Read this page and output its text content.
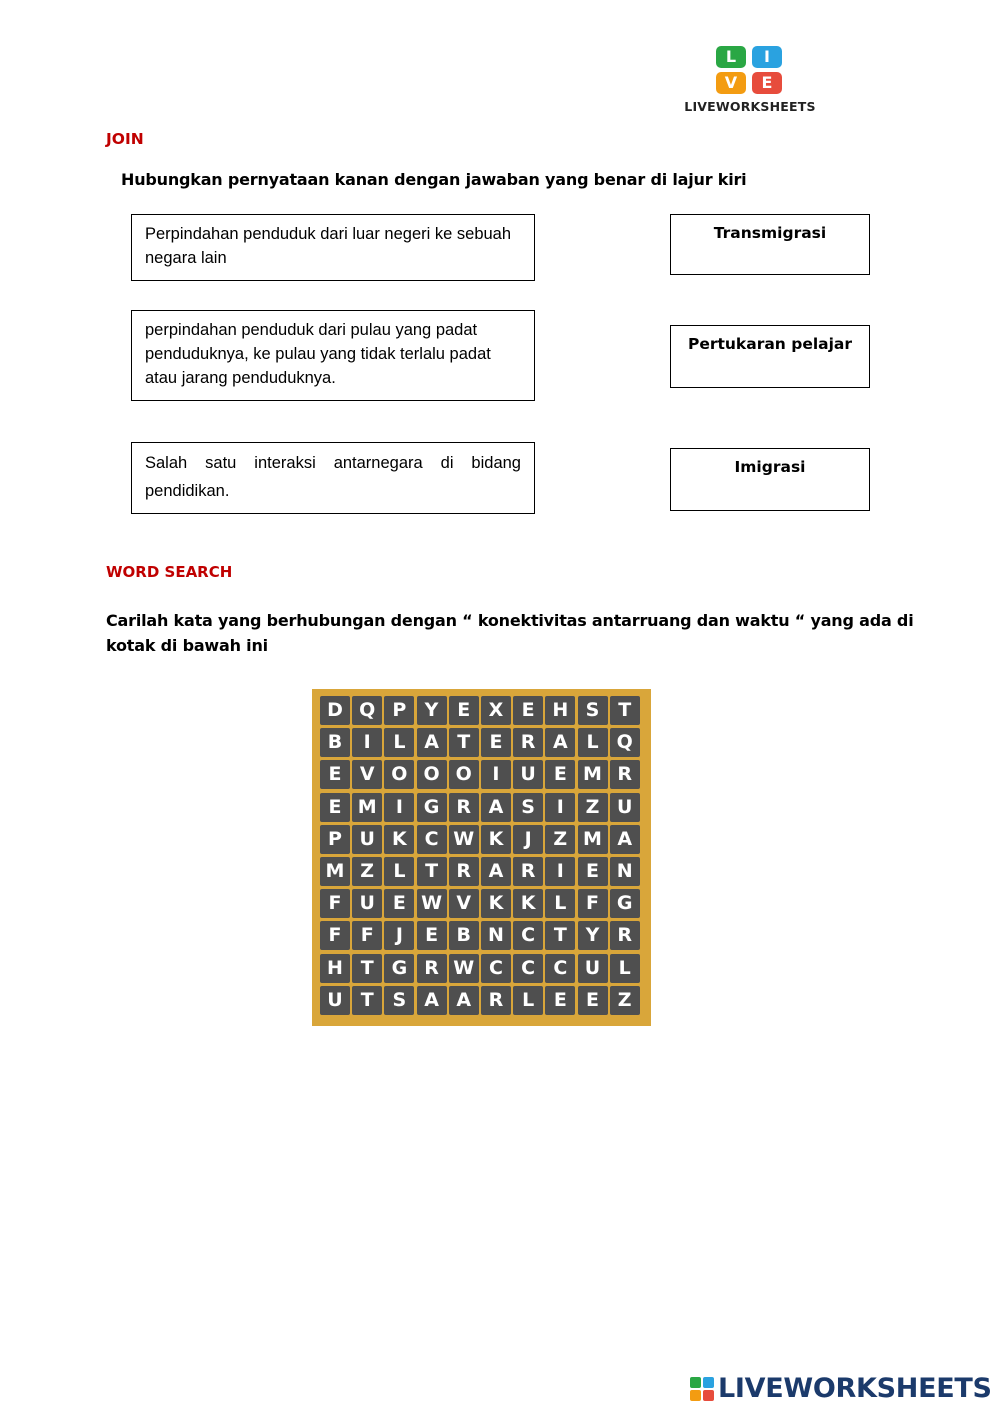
L	I
V	E
LIVEWORKSHEETS
JOIN
Hubungkan pernyataan kanan dengan jawaban yang benar di lajur kiri
Perpindahan penduduk dari luar negeri ke sebuah negara lain
perpindahan penduduk dari pulau yang padat penduduknya, ke pulau yang tidak terlalu padat atau jarang penduduknya.
Salah satu interaksi antarnegara di bidang pendidikan.
Transmigrasi
Pertukaran pelajar
Imigrasi
WORD SEARCH
Carilah kata yang berhubungan dengan “ konektivitas antarruang dan waktu “ yang ada di kotak di bawah ini
D Q P Y E X E H S T
B	I	L A T	E R A L Q
E V O O O	I	U E M R
E M	I	G R A S	I	Z U
P U K C W K	J	Z M A
M Z	L	T R A R	I	E N
F U E W V K K L	F G
F	F	J	E B N C T Y R
H T G R W C C C U L
U T S A A R L	E	E Z
LIVEWORKSHEETS
